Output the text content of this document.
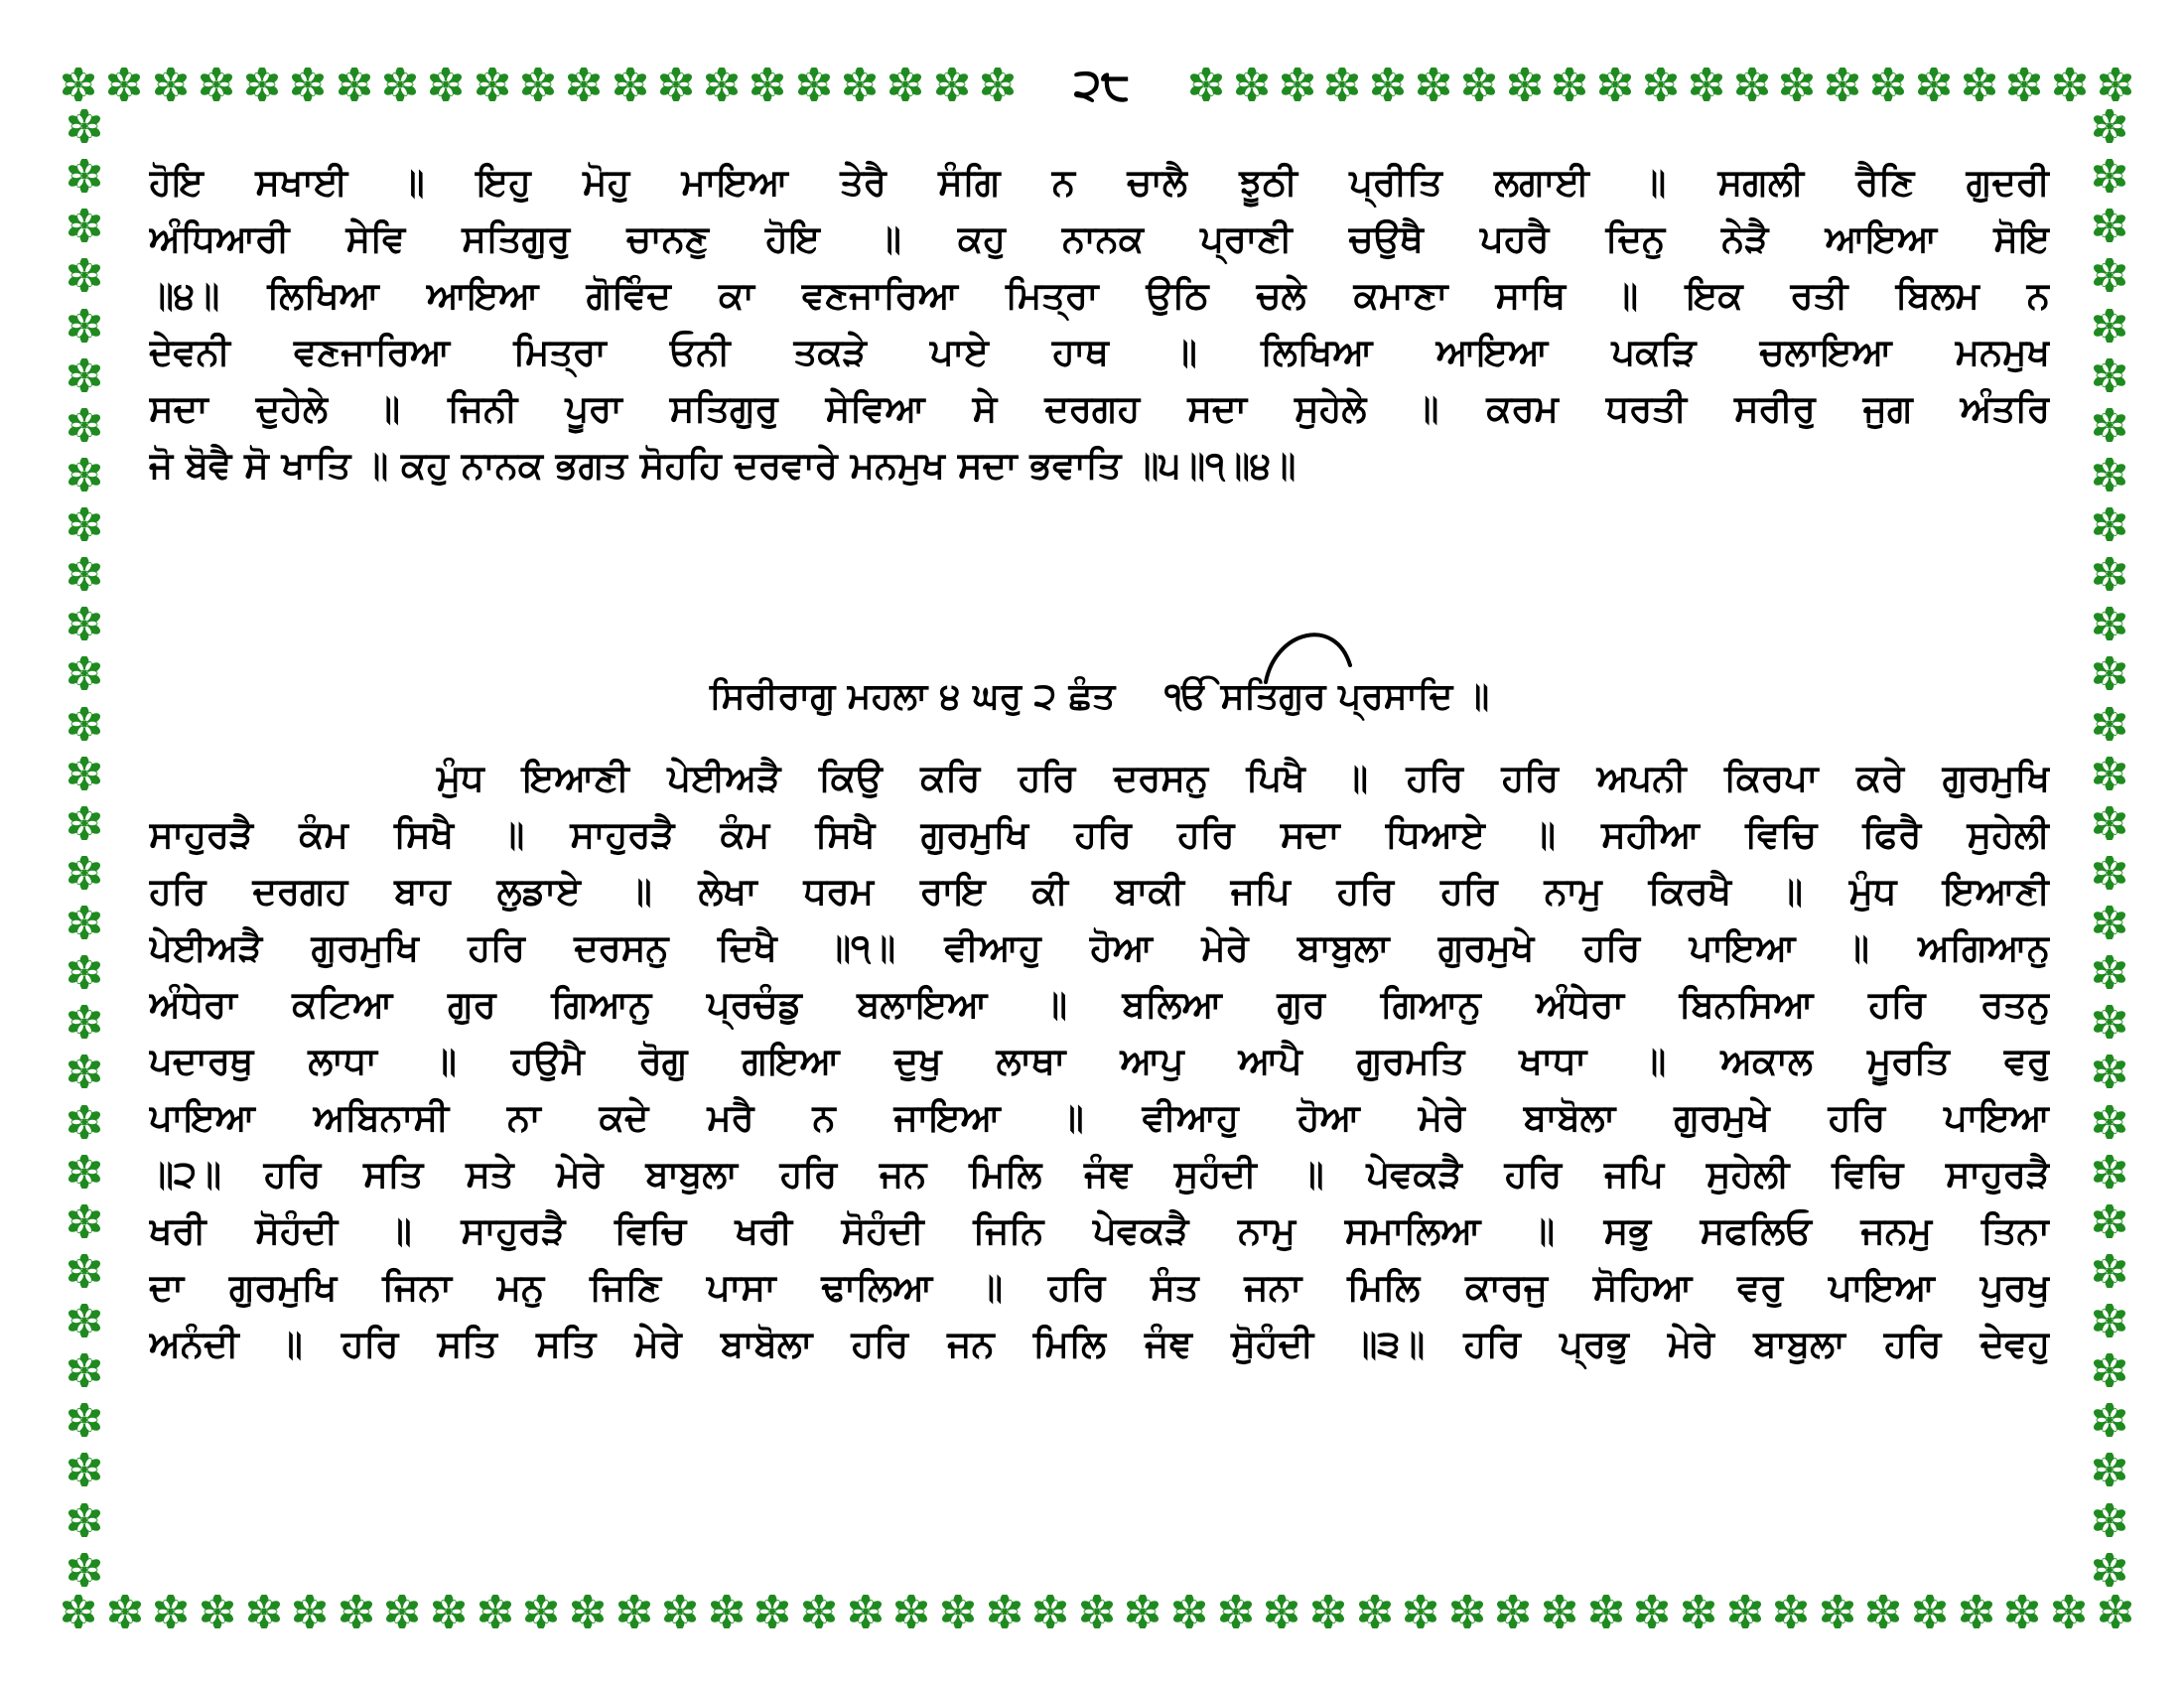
੨੮
ਹੋਇ ਸਖਾਈ ॥ ਇਹੁ ਮੋਹੁ ਮਾਇਆ ਤੇਰੈ ਸੰਗਿ ਨ ਚਾਲੈ ਝੂਠੀ ਪ੍ਰੀਤਿ ਲਗਾਈ ॥ ਸਗਲੀ ਰੈਣਿ ਗੁਦਰੀ
ਅੰਧਿਆਰੀ ਸੇਵਿ ਸਤਿਗੁਰੁ ਚਾਨਣੁ ਹੋਇ ॥ ਕਹੁ ਨਾਨਕ ਪ੍ਰਾਣੀ ਚਉਥੈ ਪਹਰੈ ਦਿਨੁ ਨੇੜੈ ਆਇਆ ਸੋਇ
॥੪॥ ਲਿਖਿਆ ਆਇਆ ਗੋਵਿੰਦ ਕਾ ਵਣਜਾਰਿਆ ਮਿਤ੍ਰਾ ਉਠਿ ਚਲੇ ਕਮਾਣਾ ਸਾਥਿ ॥ ਇਕ ਰਤੀ ਬਿਲਮ ਨ
ਦੇਵਨੀ ਵਣਜਾਰਿਆ ਮਿਤ੍ਰਾ ਓਨੀ ਤਕੜੇ ਪਾਏ ਹਾਥ ॥ ਲਿਖਿਆ ਆਇਆ ਪਕੜਿ ਚਲਾਇਆ ਮਨਮੁਖ
ਸਦਾ ਦੁਹੇਲੇ ॥ ਜਿਨੀ ਪੂਰਾ ਸਤਿਗੁਰੁ ਸੇਵਿਆ ਸੇ ਦਰਗਹ ਸਦਾ ਸੁਹੇਲੇ ॥ ਕਰਮ ਧਰਤੀ ਸਰੀਰੁ ਜੁਗ ਅੰਤਰਿ
ਜੋ ਬੋਵੈ ਸੋ ਖਾਤਿ ॥ ਕਹੁ ਨਾਨਕ ਭਗਤ ਸੋਹਹਿ ਦਰਵਾਰੇ ਮਨਮੁਖ ਸਦਾ ਭਵਾਤਿ ॥੫॥੧॥੪॥
ਸਿਰੀਰਾਗੁ ਮਹਲਾ ੪ ਘਰੁ ੨ ਛੰਤ ੴ ਸਤਿਗੁਰ ਪ੍ਰਸਾਦਿ ॥
ਮੁੰਧ ਇਆਣੀ ਪੇਈਅੜੈ ਕਿਉ ਕਰਿ ਹਰਿ ਦਰਸਨੁ ਪਿਖੈ ॥ ਹਰਿ ਹਰਿ ਅਪਨੀ ਕਿਰਪਾ ਕਰੇ ਗੁਰਮੁਖਿ
ਸਾਹੁਰੜੈ ਕੰਮ ਸਿਖੈ ॥ ਸਾਹੁਰੜੈ ਕੰਮ ਸਿਖੈ ਗੁਰਮੁਖਿ ਹਰਿ ਹਰਿ ਸਦਾ ਧਿਆਏ ॥ ਸਹੀਆ ਵਿਚਿ ਫਿਰੈ ਸੁਹੇਲੀ
ਹਰਿ ਦਰਗਹ ਬਾਹ ਲੁਡਾਏ ॥ ਲੇਖਾ ਧਰਮ ਰਾਇ ਕੀ ਬਾਕੀ ਜਪਿ ਹਰਿ ਹਰਿ ਨਾਮੁ ਕਿਰਖੈ ॥ ਮੁੰਧ ਇਆਣੀ
ਪੇਈਅੜੈ ਗੁਰਮੁਖਿ ਹਰਿ ਦਰਸਨੁ ਦਿਖੈ ॥੧॥ ਵੀਆਹੁ ਹੋਆ ਮੇਰੇ ਬਾਬੁਲਾ ਗੁਰਮੁਖੇ ਹਰਿ ਪਾਇਆ ॥ ਅਗਿਆਨੁ
ਅੰਧੇਰਾ ਕਟਿਆ ਗੁਰ ਗਿਆਨੁ ਪ੍ਰਚੰਡੁ ਬਲਾਇਆ ॥ ਬਲਿਆ ਗੁਰ ਗਿਆਨੁ ਅੰਧੇਰਾ ਬਿਨਸਿਆ ਹਰਿ ਰਤਨੁ
ਪਦਾਰਥੁ ਲਾਧਾ ॥ ਹਉਮੈ ਰੋਗੁ ਗਇਆ ਦੁਖੁ ਲਾਥਾ ਆਪੁ ਆਪੈ ਗੁਰਮਤਿ ਖਾਧਾ ॥ ਅਕਾਲ ਮੂਰਤਿ ਵਰੁ
ਪਾਇਆ ਅਬਿਨਾਸੀ ਨਾ ਕਦੇ ਮਰੈ ਨ ਜਾਇਆ ॥ ਵੀਆਹੁ ਹੋਆ ਮੇਰੇ ਬਾਬੋਲਾ ਗੁਰਮੁਖੇ ਹਰਿ ਪਾਇਆ
॥੨॥ ਹਰਿ ਸਤਿ ਸਤੇ ਮੇਰੇ ਬਾਬੁਲਾ ਹਰਿ ਜਨ ਮਿਲਿ ਜੰਞ ਸੁਹੰਦੀ ॥ ਪੇਵਕੜੈ ਹਰਿ ਜਪਿ ਸੁਹੇਲੀ ਵਿਚਿ ਸਾਹੁਰੜੈ
ਖਰੀ ਸੋਹੰਦੀ ॥ ਸਾਹੁਰੜੈ ਵਿਚਿ ਖਰੀ ਸੋਹੰਦੀ ਜਿਨਿ ਪੇਵਕੜੈ ਨਾਮੁ ਸਮਾਲਿਆ ॥ ਸਭੁ ਸਫਲਿਓ ਜਨਮੁ ਤਿਨਾ
ਦਾ ਗੁਰਮੁਖਿ ਜਿਨਾ ਮਨੁ ਜਿਣਿ ਪਾਸਾ ਢਾਲਿਆ ॥ ਹਰਿ ਸੰਤ ਜਨਾ ਮਿਲਿ ਕਾਰਜੁ ਸੋਹਿਆ ਵਰੁ ਪਾਇਆ ਪੁਰਖੁ
ਅਨੰਦੀ ॥ ਹਰਿ ਸਤਿ ਸਤਿ ਮੇਰੇ ਬਾਬੋਲਾ ਹਰਿ ਜਨ ਮਿਲਿ ਜੰਞ ਸੋੁਹੰਦੀ ॥੩॥ ਹਰਿ ਪ੍ਰਭੁ ਮੇਰੇ ਬਾਬੁਲਾ ਹਰਿ ਦੇਵਹੁ
